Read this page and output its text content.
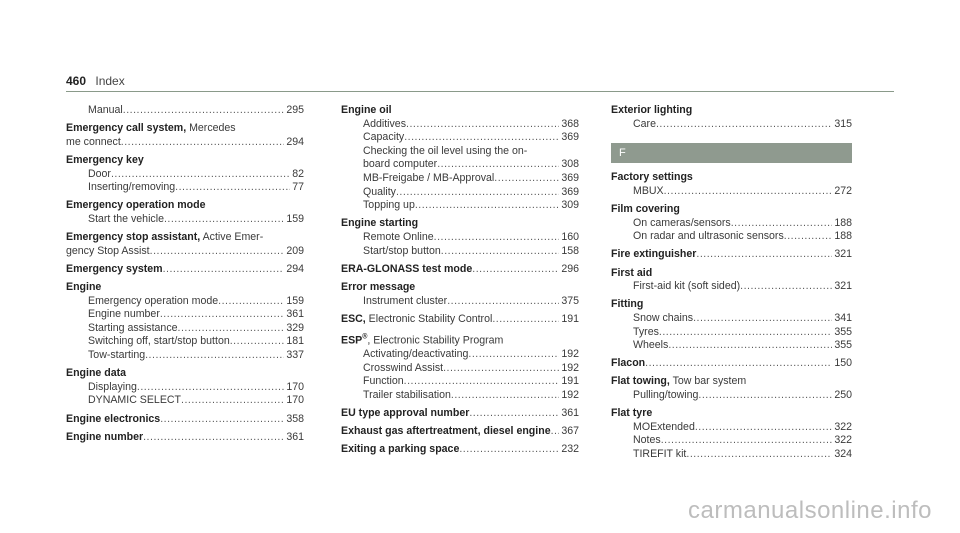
460 Index
Manual .....	295
Emergency call system, Mercedes
me connect .....	294
Emergency key
Door .....	82
Inserting/removing .....	77
Emergency operation mode
Start the vehicle .....	159
Emergency stop assistant, Active Emer-
gency Stop Assist .....	209
Emergency system .....	294
Engine
Emergency operation mode .....	159
Engine number .....	361
Starting assistance .....	329
Switching off, start/stop button .....	181
Tow-starting .....	337
Engine data
Displaying .....	170
DYNAMIC SELECT .....	170
Engine electronics .....	358
Engine number .....	361
Engine oil
Additives .....	368
Capacity .....	369
Checking the oil level using the on-
board computer .....	308
MB-Freigabe / MB-Approval .....	369
Quality .....	369
Topping up .....	309
Engine starting
Remote Online .....	160
Start/stop button .....	158
ERA-GLONASS test mode .....	296
Error message
Instrument cluster .....	375
ESC, Electronic Stability Control .....	191
ESP®, Electronic Stability Program
Activating/deactivating .....	192
Crosswind Assist .....	192
Function .....	191
Trailer stabilisation .....	192
EU type approval number .....	361
Exhaust gas aftertreatment, diesel engine ..... 367
Exiting a parking space .....	232
Exterior lighting
Care .....	315
F
Factory settings
MBUX .....	272
Film covering
On cameras/sensors .....	188
On radar and ultrasonic sensors .....	188
Fire extinguisher .....	321
First aid
First-aid kit (soft sided) .....	321
Fitting
Snow chains .....	341
Tyres .....	355
Wheels .....	355
Flacon .....	150
Flat towing, Tow bar system
Pulling/towing .....	250
Flat tyre
MOExtended .....	322
Notes .....	322
TIREFIT kit .....	324
carmanualsonline.info
